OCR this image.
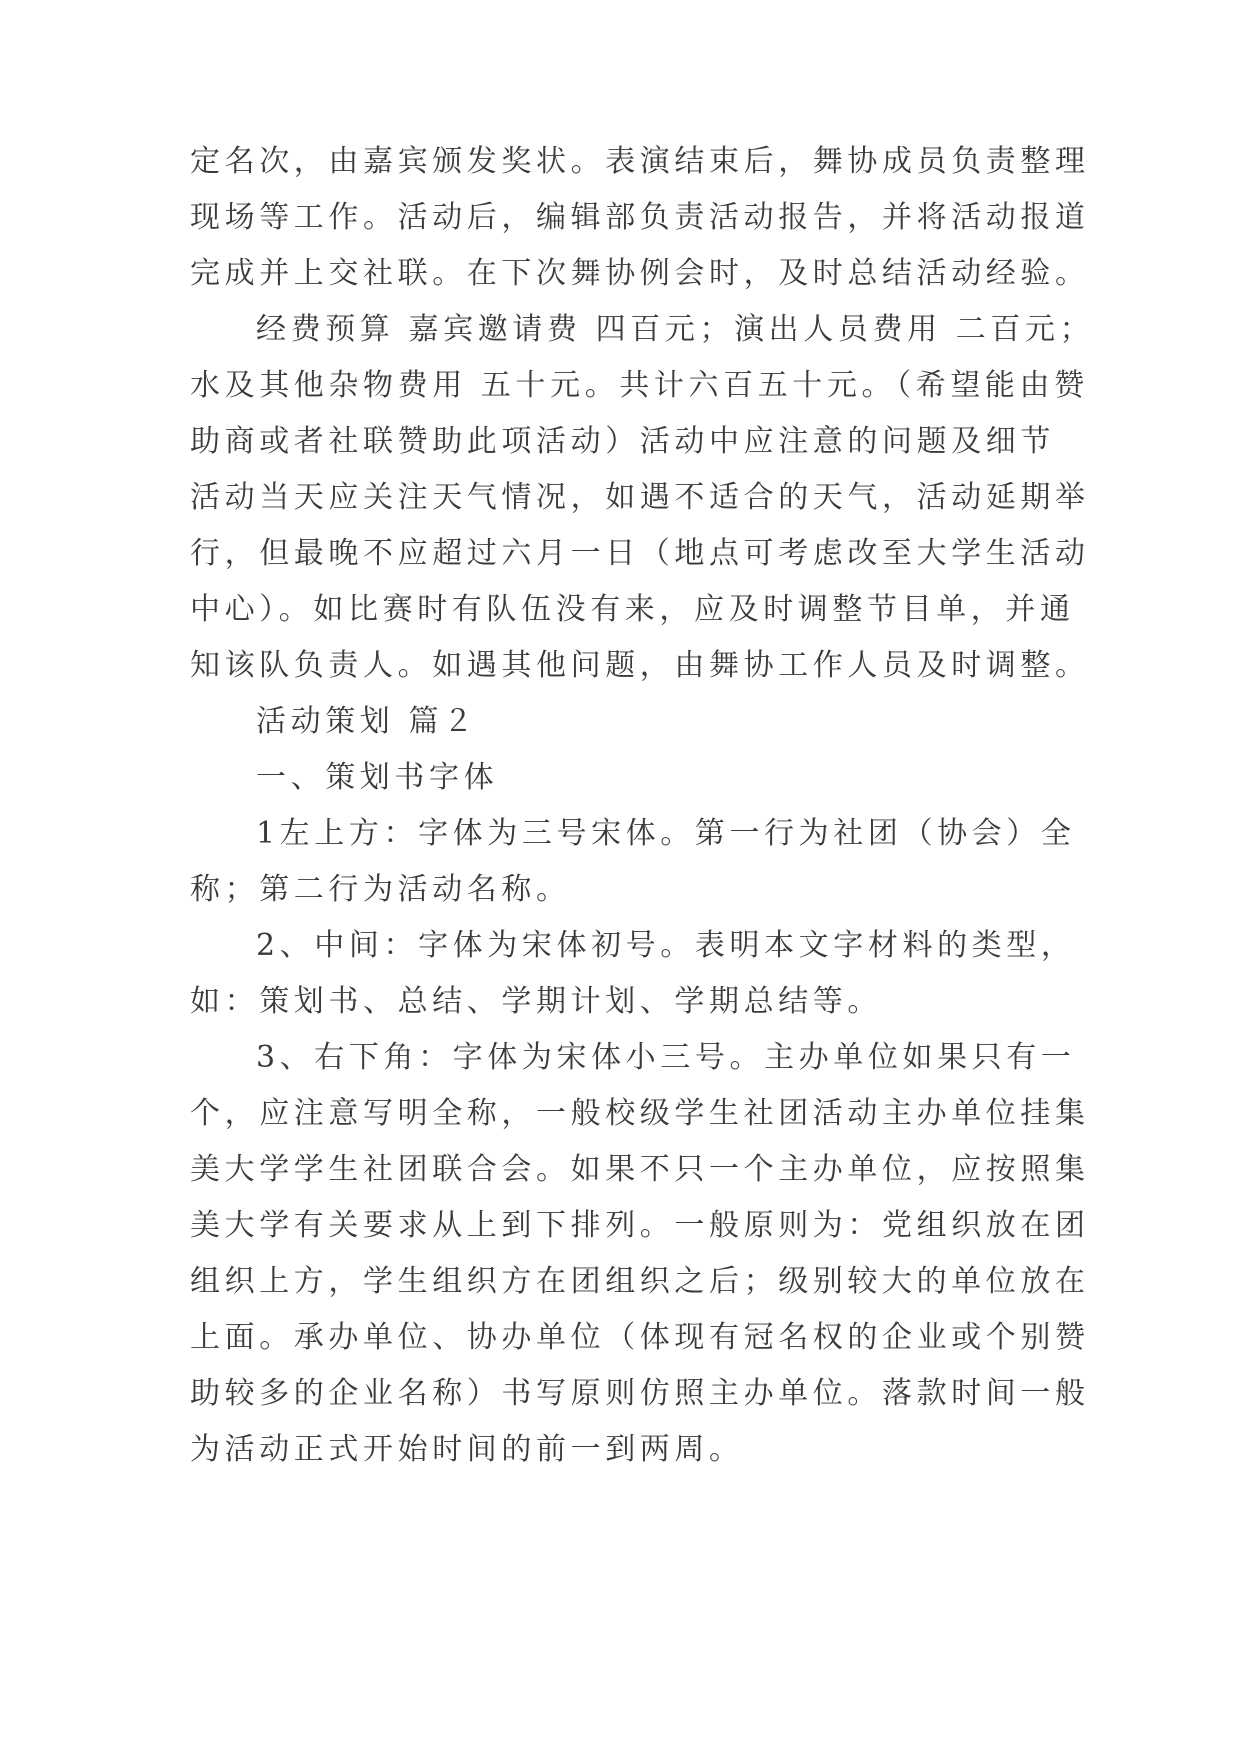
定名次，由嘉宾颁发奖状。表演结束后，舞协成员负责整理
现场等工作。活动后，编辑部负责活动报告，并将活动报道
完成并上交社联。在下次舞协例会时，及时总结活动经验。
经费预算 嘉宾邀请费 四百元；演出人员费用 二百元；
水及其他杂物费用 五十元。共计六百五十元。（希望能由赞
助商或者社联赞助此项活动）活动中应注意的问题及细节
活动当天应关注天气情况，如遇不适合的天气，活动延期举
行，但最晚不应超过六月一日（地点可考虑改至大学生活动
中心）。如比赛时有队伍没有来，应及时调整节目单，并通
知该队负责人。如遇其他问题，由舞协工作人员及时调整。
活动策划 篇２
一、策划书字体
1左上方：字体为三号宋体。第一行为社团（协会）全
称；第二行为活动名称。
2、中间：字体为宋体初号。表明本文字材料的类型，
如：策划书、总结、学期计划、学期总结等。
3、右下角：字体为宋体小三号。主办单位如果只有一
个，应注意写明全称，一般校级学生社团活动主办单位挂集
美大学学生社团联合会。如果不只一个主办单位，应按照集
美大学有关要求从上到下排列。一般原则为：党组织放在团
组织上方，学生组织方在团组织之后；级别较大的单位放在
上面。承办单位、协办单位（体现有冠名权的企业或个别赞
助较多的企业名称）书写原则仿照主办单位。落款时间一般
为活动正式开始时间的前一到两周。
